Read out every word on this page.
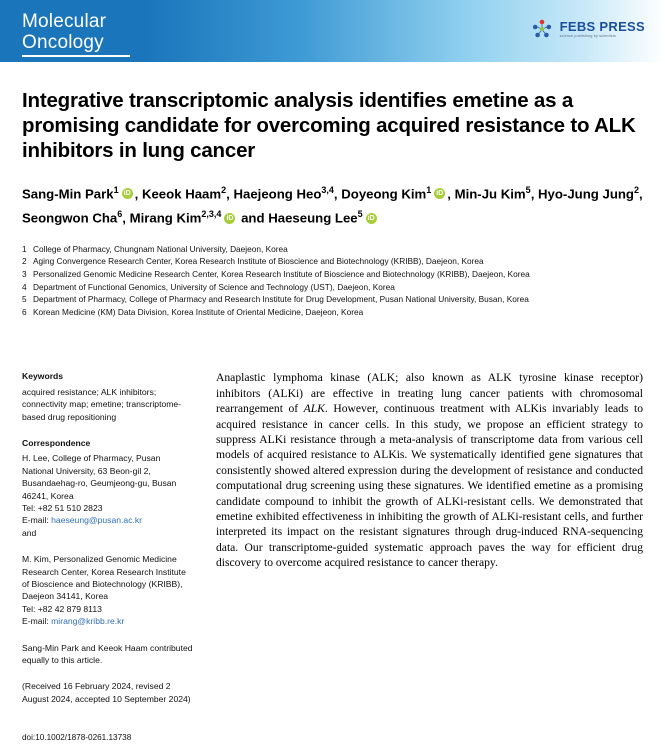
Molecular
Oncology
FEBS PRESS
science publishing by scientists
Integrative transcriptomic analysis identifies emetine as a promising candidate for overcoming acquired resistance to ALK inhibitors in lung cancer
Sang-Min Park$^1$ iD , Keeok Haam$^2$, Haejeong Heo$^{3,4}$, Doyeong Kim$^1$ iD , Min-Ju Kim$^5$, Hyo-Jung Jung$^2$, Seongwon Cha$^6$, Mirang Kim$^{2,3,4}$iD and Haeseung Lee$^5$iD
1 College of Pharmacy, Chungnam National University, Daejeon, Korea
2 Aging Convergence Research Center, Korea Research Institute of Bioscience and Biotechnology (KRIBB), Daejeon, Korea
3 Personalized Genomic Medicine Research Center, Korea Research Institute of Bioscience and Biotechnology (KRIBB), Daejeon, Korea
4 Department of Functional Genomics, University of Science and Technology (UST), Daejeon, Korea
5 Department of Pharmacy, College of Pharmacy and Research Institute for Drug Development, Pusan National University, Busan, Korea
6 Korean Medicine (KM) Data Division, Korea Institute of Oriental Medicine, Daejeon, Korea
Keywords
acquired resistance; ALK inhibitors; connectivity map; emetine; transcriptome-based drug repositioning
Correspondence
H. Lee, College of Pharmacy, Pusan National University, 63 Beon-gil 2, Busandaehag-ro, Geumjeong-gu, Busan 46241, Korea
Tel: +82 51 510 2823
E-mail: haeseung@pusan.ac.kr
and
M. Kim, Personalized Genomic Medicine Research Center, Korea Research Institute of Bioscience and Biotechnology (KRIBB), Daejeon 34141, Korea
Tel: +82 42 879 8113
E-mail: mirang@kribb.re.kr
Sang-Min Park and Keeok Haam contributed equally to this article.
(Received 16 February 2024, revised 2 August 2024, accepted 10 September 2024)

Anaplastic lymphoma kinase (ALK; also known as ALK tyrosine kinase receptor) inhibitors (ALKi) are effective in treating lung cancer patients with chromosomal rearrangement of ALK. However, continuous treatment with ALKis invariably leads to acquired resistance in cancer cells. In this study, we propose an efficient strategy to suppress ALKi resistance through a meta-analysis of transcriptome data from various cell models of acquired resistance to ALKis. We systematically identified gene signatures that consistently showed altered expression during the development of resistance and conducted computational drug screening using these signatures. We identified emetine as a promising candidate compound to inhibit the growth of ALKi-resistant cells. We demonstrated that emetine exhibited effectiveness in inhibiting the growth of ALKi-resistant cells, and further interpreted its impact on the resistant signatures through drug-induced RNA-sequencing data. Our transcriptome-guided systematic approach paves the way for efficient drug discovery to overcome acquired resistance to cancer therapy.

doi:10.1002/1878-0261.13738
